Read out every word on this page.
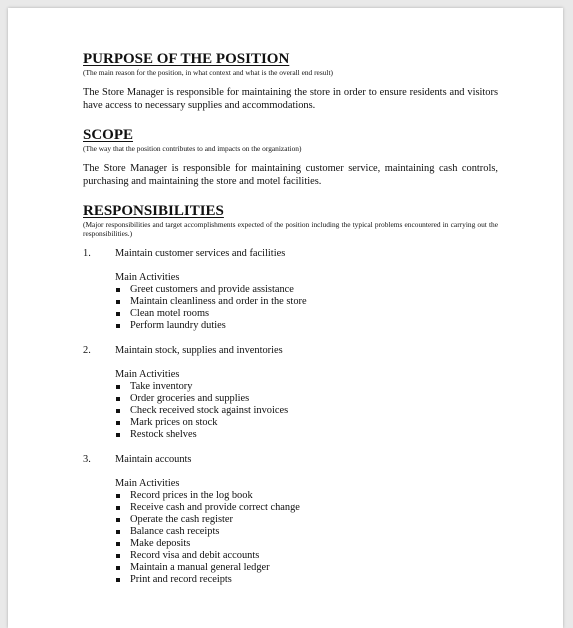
PURPOSE OF THE POSITION

(The main reason for the position, in what context and what is the overall end result)

The Store Manager is responsible for maintaining the store in order to ensure residents and visitors have access to necessary supplies and accommodations.

SCOPE

(The way that the position contributes to and impacts on the organization)

The Store Manager is responsible for maintaining customer service, maintaining cash controls, purchasing and maintaining the store and motel facilities.

RESPONSIBILITIES

(Major responsibilities and target accomplishments expected of the position including the typical problems encountered in carrying out the responsibilities.)

1.	Maintain customer services and facilities
Main Activities
Greet customers and provide assistance
Maintain cleanliness and order in the store
Clean motel rooms
Perform laundry duties
2.	Maintain stock, supplies and inventories
Main Activities
Take inventory
Order groceries and supplies
Check received stock against invoices
Mark prices on stock
Restock shelves
3.	Maintain accounts
Main Activities
Record prices in the log book
Receive cash and provide correct change
Operate the cash register
Balance cash receipts
Make deposits
Record visa and debit accounts
Maintain a manual general ledger
Print and record receipts
